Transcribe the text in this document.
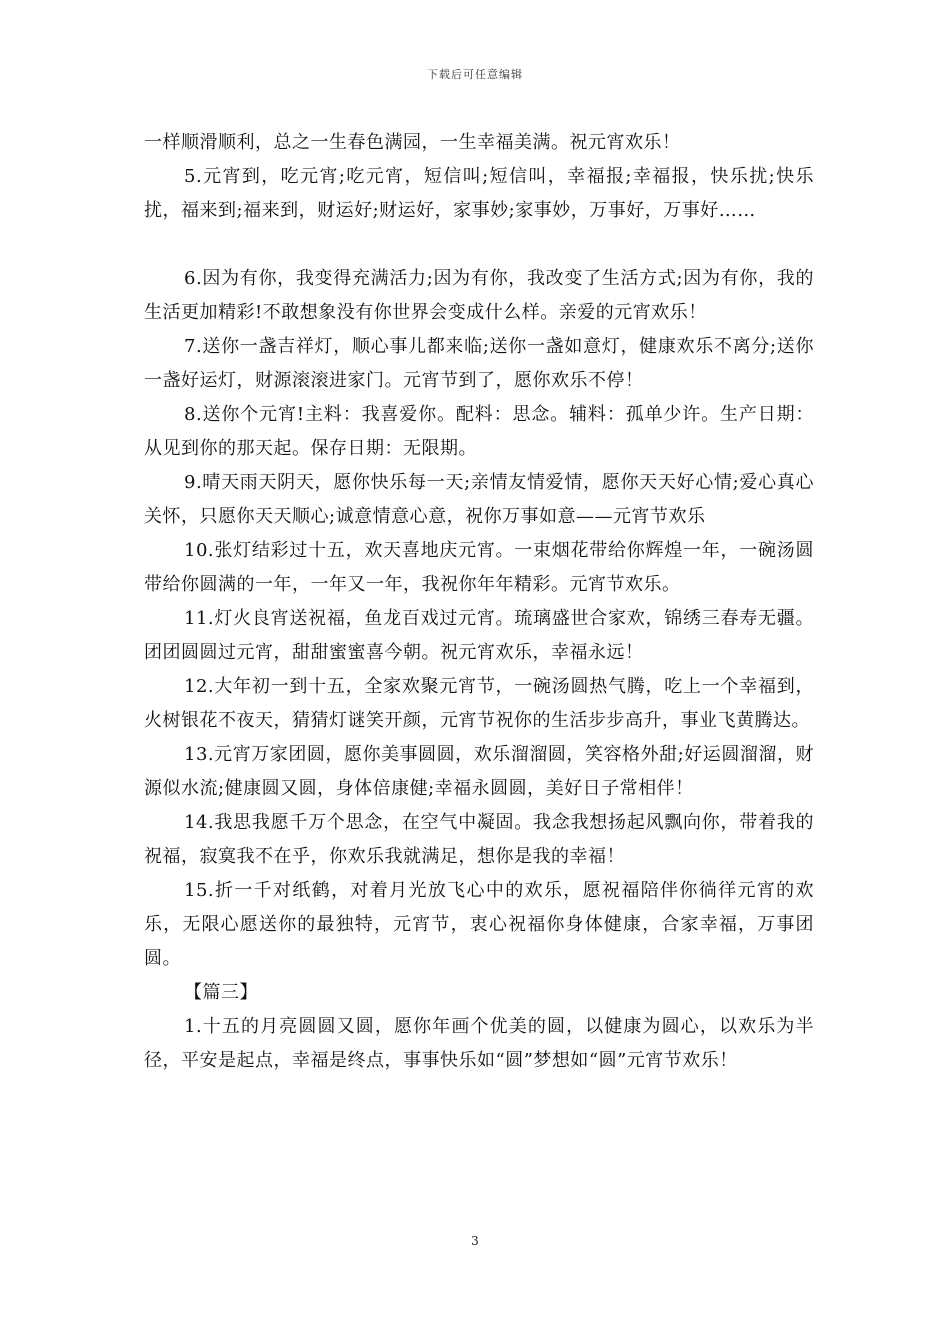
下载后可任意编辑

一样顺滑顺利，总之一生春色满园，一生幸福美满。祝元宵欢乐！

5.元宵到，吃元宵;吃元宵，短信叫;短信叫，幸福报;幸福报，快乐扰;快乐扰，福来到;福来到，财运好;财运好，家事妙;家事妙，万事好，万事好……

6.因为有你，我变得充满活力;因为有你，我改变了生活方式;因为有你，我的生活更加精彩!不敢想象没有你世界会变成什么样。亲爱的元宵欢乐！

7.送你一盏吉祥灯，顺心事儿都来临;送你一盏如意灯，健康欢乐不离分;送你一盏好运灯，财源滚滚进家门。元宵节到了，愿你欢乐不停！

8.送你个元宵!主料：我喜爱你。配料：思念。辅料：孤单少许。生产日期：从见到你的那天起。保存日期：无限期。

9.晴天雨天阴天，愿你快乐每一天;亲情友情爱情，愿你天天好心情;爱心真心关怀，只愿你天天顺心;诚意情意心意，祝你万事如意——元宵节欢乐

10.张灯结彩过十五，欢天喜地庆元宵。一束烟花带给你辉煌一年，一碗汤圆带给你圆满的一年，一年又一年，我祝你年年精彩。元宵节欢乐。

11.灯火良宵送祝福，鱼龙百戏过元宵。琉璃盛世合家欢，锦绣三春寿无疆。团团圆圆过元宵，甜甜蜜蜜喜今朝。祝元宵欢乐，幸福永远！

12.大年初一到十五，全家欢聚元宵节，一碗汤圆热气腾，吃上一个幸福到，火树银花不夜天，猜猜灯谜笑开颜，元宵节祝你的生活步步高升，事业飞黄腾达。

13.元宵万家团圆，愿你美事圆圆，欢乐溜溜圆，笑容格外甜;好运圆溜溜，财源似水流;健康圆又圆，身体倍康健;幸福永圆圆，美好日子常相伴！

14.我思我愿千万个思念，在空气中凝固。我念我想扬起风飘向你，带着我的祝福，寂寞我不在乎，你欢乐我就满足，想你是我的幸福！

15.折一千对纸鹤，对着月光放飞心中的欢乐，愿祝福陪伴你徜徉元宵的欢乐，无限心愿送你的最独特，元宵节，衷心祝福你身体健康，合家幸福，万事团圆。

【篇三】

1.十五的月亮圆圆又圆，愿你年画个优美的圆，以健康为圆心，以欢乐为半径，平安是起点，幸福是终点，事事快乐如“圆”梦想如“圆”元宵节欢乐！

3
